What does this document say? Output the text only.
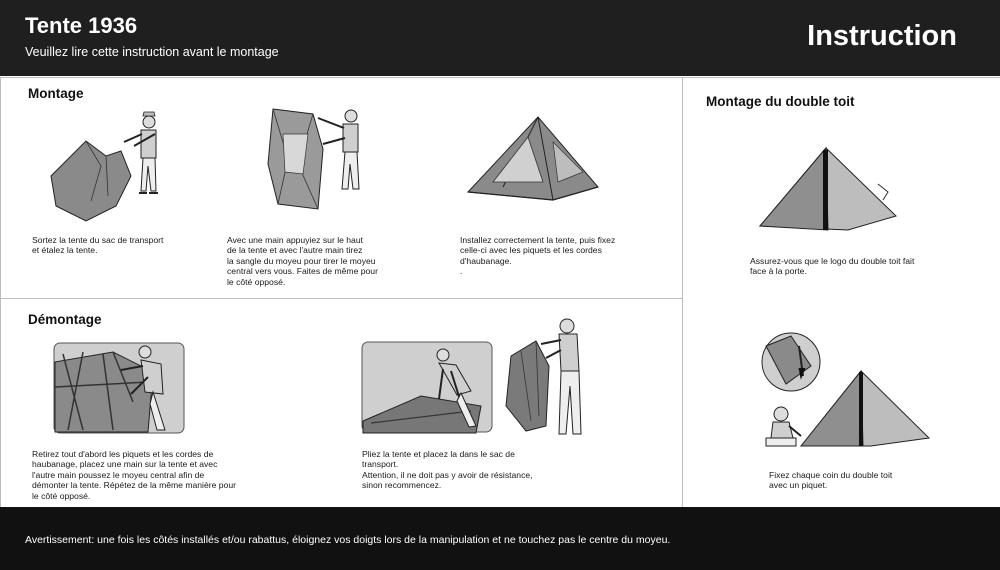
Tente 1936
Veuillez lire cette instruction avant le montage	Instruction
Montage
Sortez la tente du sac de transport
et étalez la tente.
Avec une main appuyiez sur le haut
de la tente et avec l'autre main tirez
la sangle du moyeu pour tirer le moyeu
central vers vous. Faites de même pour
le côté opposé.
Installez correctement la tente, puis fixez
celle-ci avec les piquets et les cordes
d'haubanage.
.
Démontage
Retirez tout d'abord les piquets et les cordes de
haubanage, placez une main sur la tente et avec
l'autre main poussez le moyeu central afin de
démonter la tente. Répétez de la même manière pour
le côté opposé.
Pliez la tente et placez la dans le sac de
transport.
Attention, il ne doit pas y avoir de résistance,
sinon recommencez.
Montage du double toit
Assurez-vous que le logo du double toit fait
face à la porte.
Fixez chaque coin du double toit
avec un piquet.
Avertissement: une fois les côtés installés et/ou rabattus, éloignez vos doigts lors de la manipulation et ne touchez pas le centre du moyeu.
